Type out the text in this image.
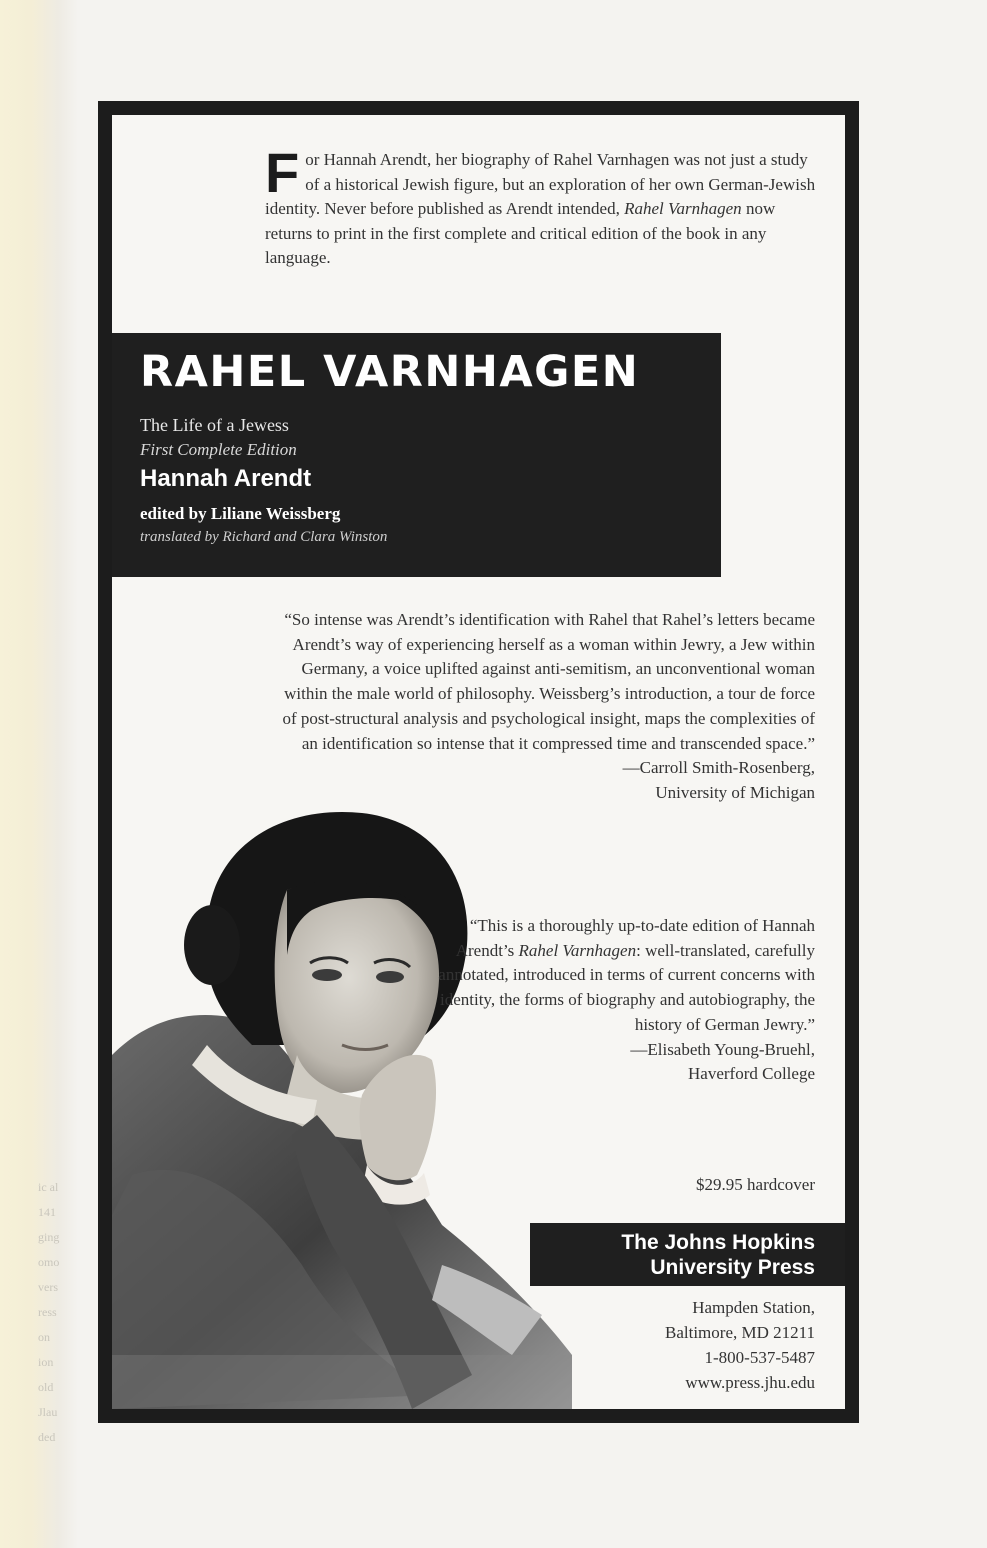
ic al
141
ging
omo
vers
ress
on
ion
old
Jlau
ded

For Hannah Arendt, her biography of Rahel Varnhagen was not just a study of a historical Jewish figure, but an exploration of her own German-Jewish identity. Never before published as Arendt intended, Rahel Varnhagen now returns to print in the first complete and critical edition of the book in any language.

RAHEL VARNHAGEN
The Life of a Jewess
First Complete Edition
Hannah Arendt
edited by Liliane Weissberg
translated by Richard and Clara Winston

“So intense was Arendt’s identification with Rahel that Rahel’s letters became Arendt’s way of experiencing herself as a woman within Jewry, a Jew within Germany, a voice uplifted against anti-semitism, an unconventional woman within the male world of philosophy. Weissberg’s introduction, a tour de force of post-structural analysis and psychological insight, maps the complexities of an identification so intense that it compressed time and transcended space.”

—Carroll Smith-Rosenberg,

University of Michigan

“This is a thoroughly up-to-date edition of Hannah Arendt’s Rahel Varnhagen: well-translated, carefully annotated, introduced in terms of current concerns with identity, the forms of biography and autobiography, the history of German Jewry.”

—Elisabeth Young-Bruehl,

Haverford College

$29.95 hardcover
The Johns Hopkins
University Press
Hampden Station,
Baltimore, MD 21211
1-800-537-5487
www.press.jhu.edu
